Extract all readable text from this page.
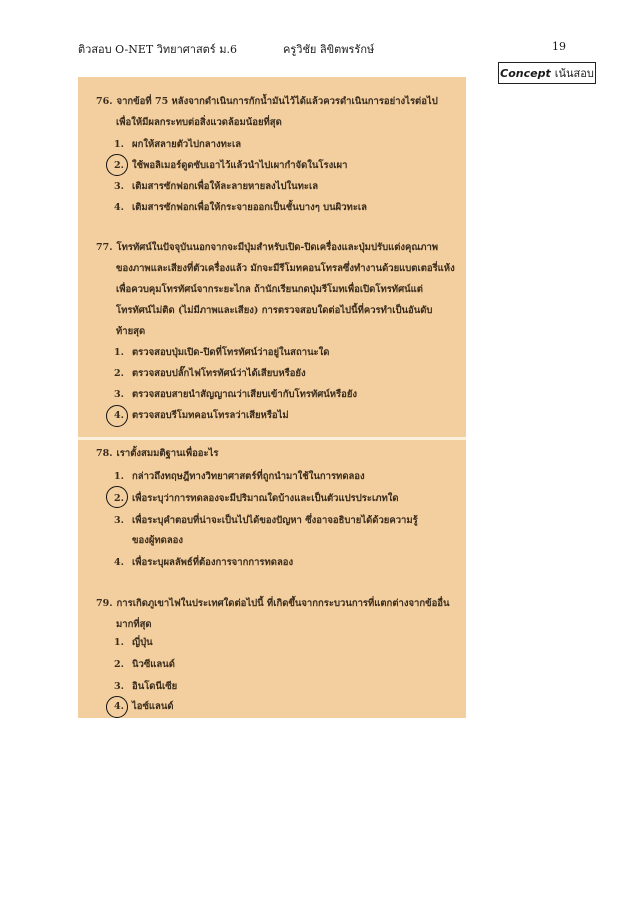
ติวสอบ O-NET วิทยาศาสตร์ ม.6	ครูวิชัย ลิขิตพรรักษ์	19
Concept เน้นสอบ
76. จากข้อที่ 75 หลังจากดำเนินการกักน้ำมันไว้ได้แล้วควรดำเนินการอย่างไรต่อไป
เพื่อให้มีผลกระทบต่อสิ่งแวดล้อมน้อยที่สุด
1. ผกให้สลายตัวไปกลางทะเล
2. ใช้พอลิเมอร์ดูดซับเอาไว้แล้วนำไปเผากำจัดในโรงเผา
3. เติมสารซักฟอกเพื่อให้ละลายหายลงไปในทะเล
4. เติมสารซักฟอกเพื่อให้กระจายออกเป็นชั้นบางๆ บนผิวทะเล
77. โทรทัศน์ในปัจจุบันนอกจากจะมีปุ่มสำหรับเปิด-ปิดเครื่องและปุ่มปรับแต่งคุณภาพ
ของภาพและเสียงที่ตัวเครื่องแล้ว มักจะมีรีโมทคอนโทรลซึ่งทำงานด้วยแบตเตอรี่แห้ง
เพื่อควบคุมโทรทัศน์จากระยะไกล ถ้านักเรียนกดปุ่มรีโมทเพื่อเปิดโทรทัศน์แต่
โทรทัศน์ไม่ติด (ไม่มีภาพและเสียง) การตรวจสอบใดต่อไปนี้ที่ควรทำเป็นอันดับ
ท้ายสุด
1. ตรวจสอบปุ่มเปิด-ปิดที่โทรทัศน์ว่าอยู่ในสถานะใด
2. ตรวจสอบปลั๊กไฟโทรทัศน์ว่าได้เสียบหรือยัง
3. ตรวจสอบสายนำสัญญาณว่าเสียบเข้ากับโทรทัศน์หรือยัง
4. ตรวจสอบรีโมทคอนโทรลว่าเสียหรือไม่
78. เราตั้งสมมติฐานเพื่ออะไร
1. กล่าวถึงทฤษฎีทางวิทยาศาสตร์ที่ถูกนำมาใช้ในการทดลอง
2. เพื่อระบุว่าการทดลองจะมีปริมาณใดบ้างและเป็นตัวแปรประเภทใด
3. เพื่อระบุคำตอบที่น่าจะเป็นไปได้ของปัญหา ซึ่งอาจอธิบายได้ด้วยความรู้
ของผู้ทดลอง
4. เพื่อระบุผลลัพธ์ที่ต้องการจากการทดลอง
79. การเกิดภูเขาไฟในประเทศใดต่อไปนี้ ที่เกิดขึ้นจากกระบวนการที่แตกต่างจากข้ออื่น
มากที่สุด
1. ญี่ปุ่น
2. นิวซีแลนด์
3. อินโดนีเซีย
4. ไอซ์แลนด์
